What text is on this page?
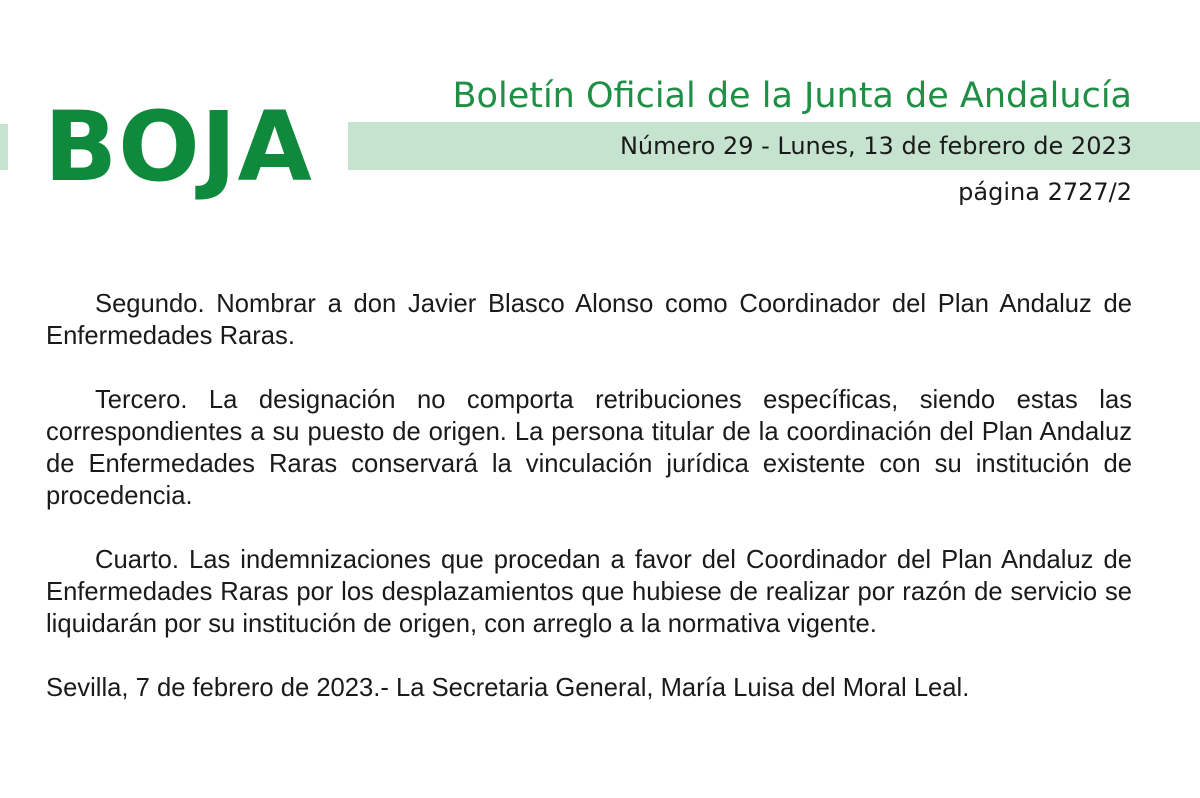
BOJA	Boletín Oficial de la Junta de Andalucía
Número 29 - Lunes, 13 de febrero de 2023
página 2727/2

Segundo. Nombrar a don Javier Blasco Alonso como Coordinador del Plan Andaluz de Enfermedades Raras.

Tercero. La designación no comporta retribuciones específicas, siendo estas las correspondientes a su puesto de origen. La persona titular de la coordinación del Plan Andaluz de Enfermedades Raras conservará la vinculación jurídica existente con su institución de procedencia.

Cuarto. Las indemnizaciones que procedan a favor del Coordinador del Plan Andaluz de Enfermedades Raras por los desplazamientos que hubiese de realizar por razón de servicio se liquidarán por su institución de origen, con arreglo a la normativa vigente.

Sevilla, 7 de febrero de 2023.- La Secretaria General, María Luisa del Moral Leal.
